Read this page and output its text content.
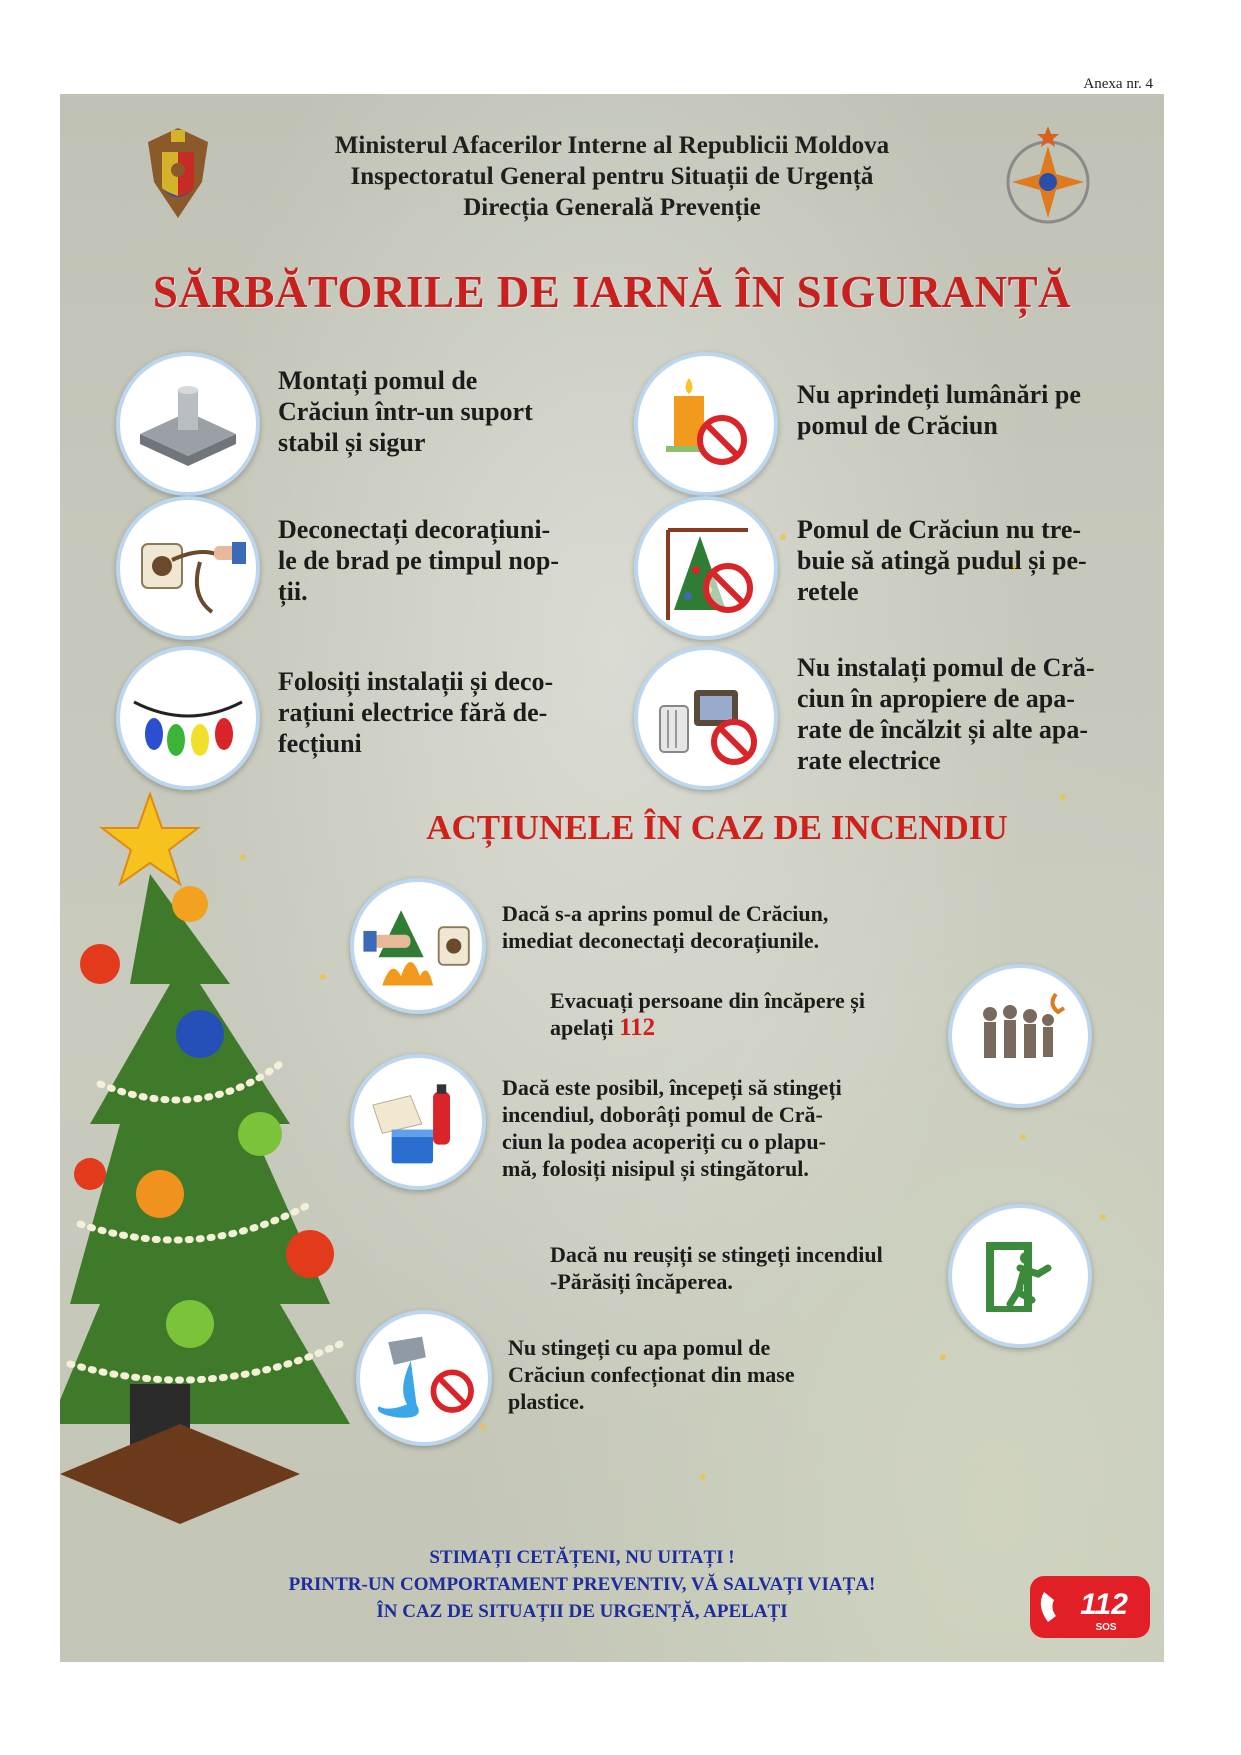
Anexa nr. 4
Ministerul Afacerilor Interne al Republicii Moldova
Inspectoratul General pentru Situații de Urgență
Direcția Generală Prevenție
SĂRBĂTORILE DE IARNĂ ÎN SIGURANȚĂ
Montați pomul de
Crăciun într-un suport
stabil și sigur
Nu aprindeți lumânări pe
pomul de Crăciun
Deconectați decorațiuni-
le de brad pe timpul nop-
ții.
Pomul de Crăciun nu tre-
buie să atingă pudul și pe-
retele
Folosiți instalații și deco-
rațiuni electrice fără de-
fecțiuni
Nu instalați pomul de Cră-
ciun în apropiere de apa-
rate de încălzit și alte apa-
rate electrice
ACȚIUNELE ÎN CAZ DE INCENDIU
Dacă s-a aprins pomul de Crăciun,
imediat deconectați decorațiunile.
Evacuați persoane din încăpere și
apelați 112
Dacă este posibil, începeți să stingeți
incendiul, doborâți pomul de Cră-
ciun la podea acoperiți cu o plapu-
mă, folosiți nisipul și stingătorul.
Dacă nu reușiți se stingeți incendiul
-Părăsiți încăperea.
Nu stingeți cu apa pomul de
Crăciun confecționat din mase
plastice.
STIMAȚI CETĂȚENI, NU UITAȚI !
PRINTR-UN COMPORTAMENT PREVENTIV, VĂ SALVAȚI VIAȚA!
ÎN CAZ DE SITUAȚII DE URGENȚĂ, APELAȚI	112
SOS
